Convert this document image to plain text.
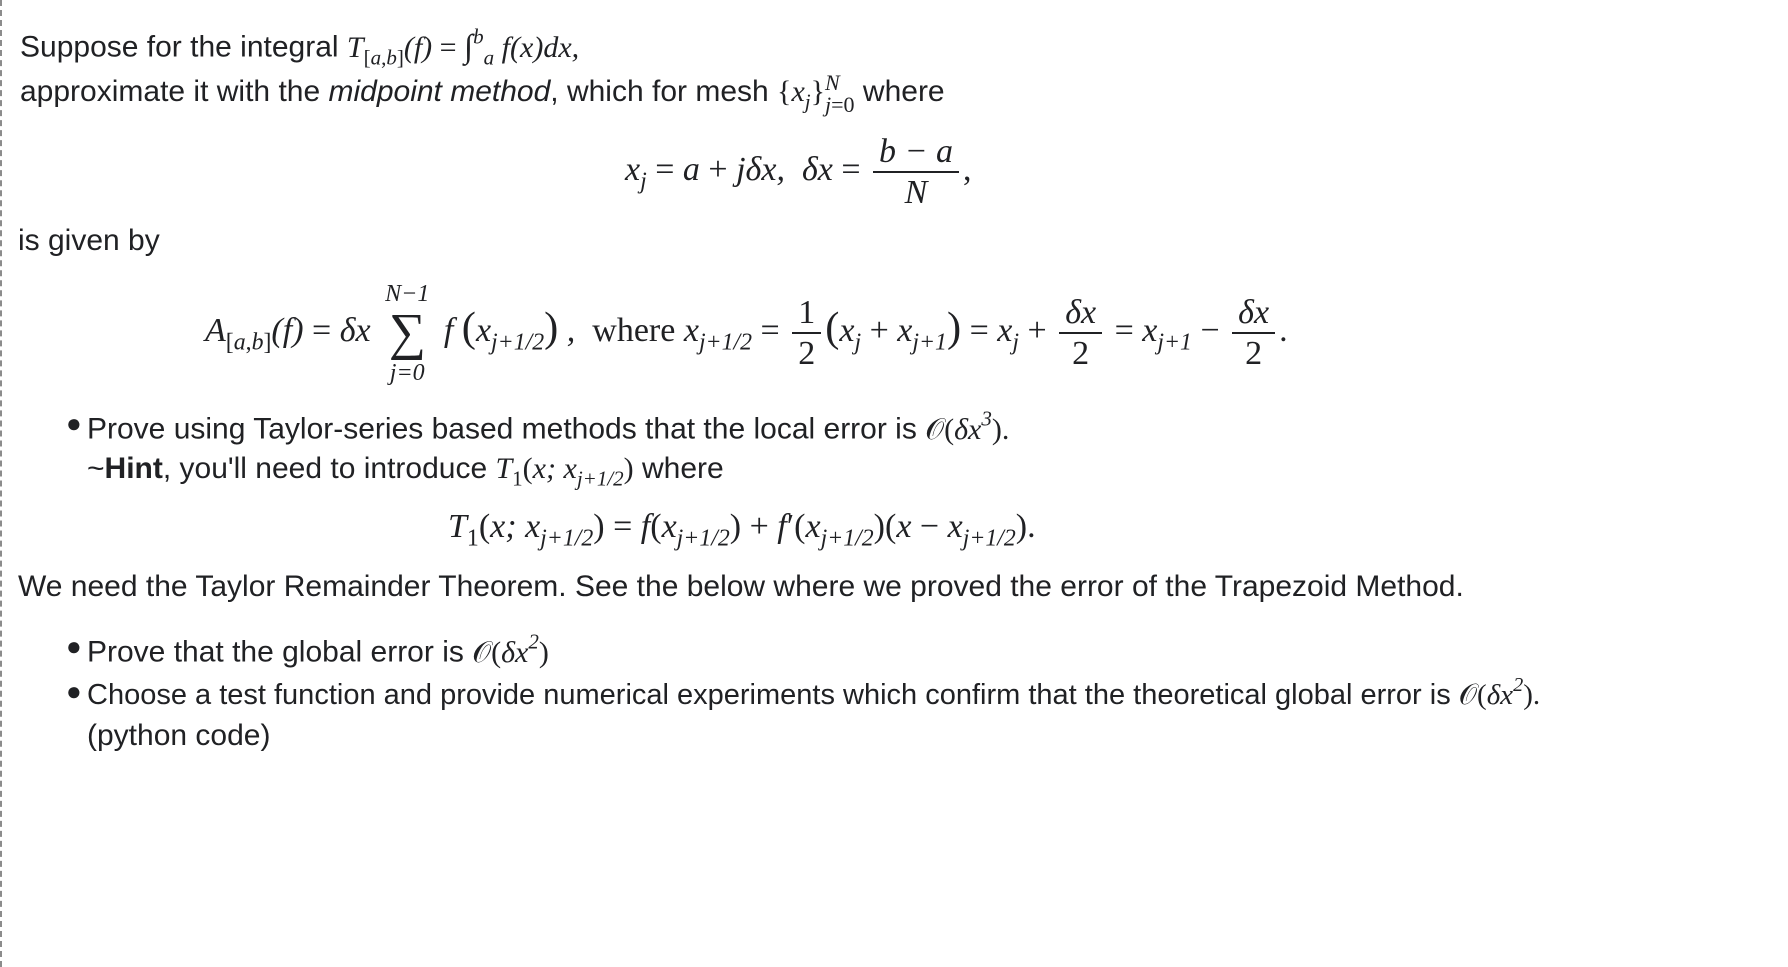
Suppose for the integral $T_{[a,b]}(f) = \int^b_a$ f(x)dx,
approximate it with the midpoint method, which for mesh $\{x_j\}$ N
j=0 where
$x_j = a + j\delta x$,  $\delta x = \frac{b - a}{N}$ ,
is given by
$A_{[a,b]}(f) = \delta x$
N−1
∑
j=0
f $(x_{j+1/2})$ ,  where $x_{j+1/2} = \frac{1}{2} (x_j + x_{j+1}) = x_j + \frac{\delta x}{2} = x_{j+1} - \frac{\delta x}{2}$ .
● Prove using Taylor-series based methods that the local error is $𝒪(\delta x^3)$.
~Hint, you'll need to introduce $T_1(x$; $x_{j+1/2}$) where
$T_1(x$; $x_{j+1/2}) = f(x_{j+1/2}) + f'(x_{j+1/2})(x - x_{j+1/2})$.
We need the Taylor Remainder Theorem. See the below where we proved the error of the Trapezoid Method.
● Prove that the global error is $𝒪(\delta x^2)$
● Choose a test function and provide numerical experiments which confirm that the theoretical global error is $𝒪(\delta x^2)$.
(python code)
